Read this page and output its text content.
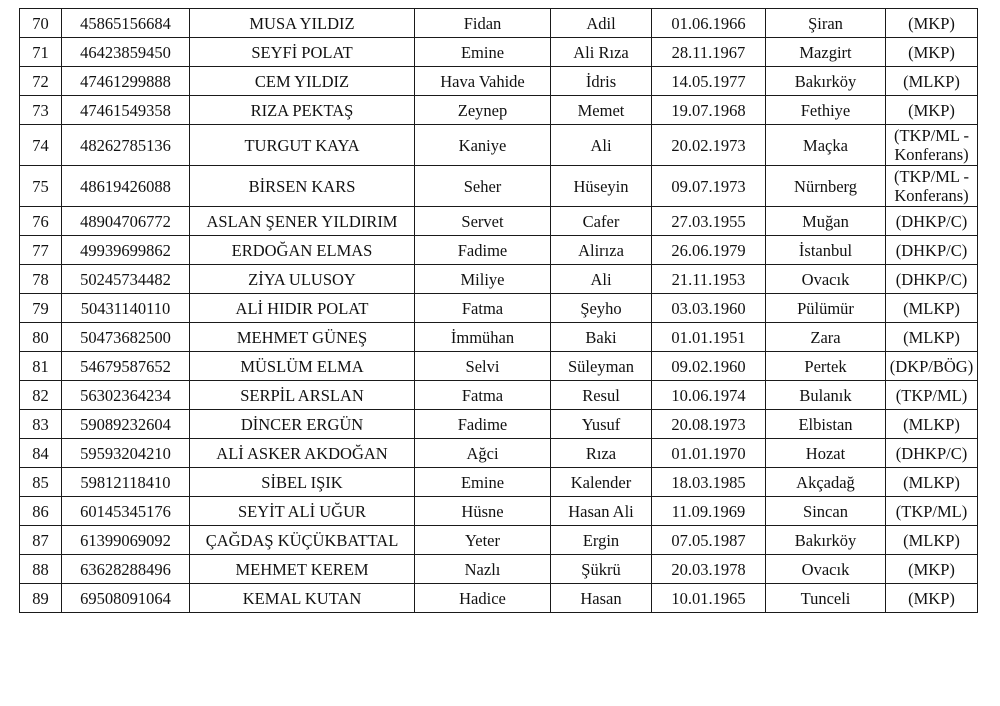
70	45865156684	MUSA YILDIZ	Fidan	Adil	01.06.1966	Şiran	(MKP)
71	46423859450	SEYFİ POLAT	Emine	Ali Rıza	28.11.1967	Mazgirt	(MKP)
72	47461299888	CEM YILDIZ	Hava Vahide	İdris	14.05.1977	Bakırköy	(MLKP)
73	47461549358	RIZA PEKTAŞ	Zeynep	Memet	19.07.1968	Fethiye	(MKP)
74	48262785136	TURGUT KAYA	Kaniye	Ali	20.02.1973	Maçka	(TKP/ML - Konferans)
75	48619426088	BİRSEN KARS	Seher	Hüseyin	09.07.1973	Nürnberg	(TKP/ML - Konferans)
76	48904706772	ASLAN ŞENER YILDIRIM	Servet	Cafer	27.03.1955	Muğan	(DHKP/C)
77	49939699862	ERDOĞAN ELMAS	Fadime	Alirıza	26.06.1979	İstanbul	(DHKP/C)
78	50245734482	ZİYA ULUSOY	Miliye	Ali	21.11.1953	Ovacık	(DHKP/C)
79	50431140110	ALİ HIDIR POLAT	Fatma	Şeyho	03.03.1960	Pülümür	(MLKP)
80	50473682500	MEHMET GÜNEŞ	İmmühan	Baki	01.01.1951	Zara	(MLKP)
81	54679587652	MÜSLÜM ELMA	Selvi	Süleyman	09.02.1960	Pertek	(DKP/BÖG)
82	56302364234	SERPİL ARSLAN	Fatma	Resul	10.06.1974	Bulanık	(TKP/ML)
83	59089232604	DİNCER ERGÜN	Fadime	Yusuf	20.08.1973	Elbistan	(MLKP)
84	59593204210	ALİ ASKER AKDOĞAN	Ağci	Rıza	01.01.1970	Hozat	(DHKP/C)
85	59812118410	SİBEL IŞIK	Emine	Kalender	18.03.1985	Akçadağ	(MLKP)
86	60145345176	SEYİT ALİ UĞUR	Hüsne	Hasan Ali	11.09.1969	Sincan	(TKP/ML)
87	61399069092	ÇAĞDAŞ KÜÇÜKBATTAL	Yeter	Ergin	07.05.1987	Bakırköy	(MLKP)
88	63628288496	MEHMET KEREM	Nazlı	Şükrü	20.03.1978	Ovacık	(MKP)
89	69508091064	KEMAL KUTAN	Hadice	Hasan	10.01.1965	Tunceli	(MKP)
